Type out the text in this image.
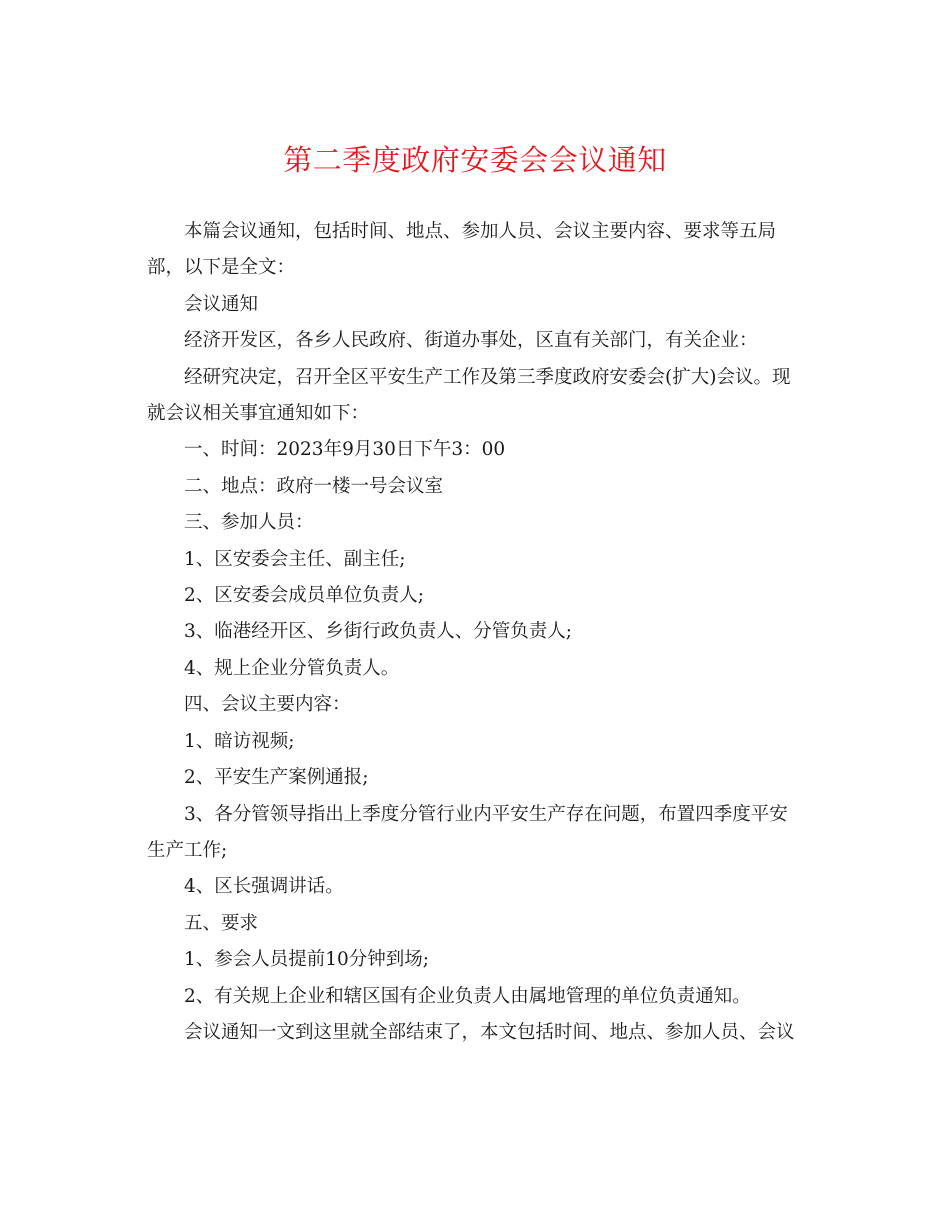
第二季度政府安委会会议通知

本篇会议通知，包括时间、地点、参加人员、会议主要内容、要求等五局部，以下是全文：

会议通知

经济开发区，各乡人民政府、街道办事处，区直有关部门，有关企业：

经研究决定，召开全区平安生产工作及第三季度政府安委会(扩大)会议。现就会议相关事宜通知如下：

一、时间：2023年9月30日下午3：00

二、地点：政府一楼一号会议室

三、参加人员：

1、区安委会主任、副主任;

2、区安委会成员单位负责人;

3、临港经开区、乡街行政负责人、分管负责人;

4、规上企业分管负责人。

四、会议主要内容：

1、暗访视频;

2、平安生产案例通报;

3、各分管领导指出上季度分管行业内平安生产存在问题，布置四季度平安生产工作;

4、区长强调讲话。

五、要求

1、参会人员提前10分钟到场;

2、有关规上企业和辖区国有企业负责人由属地管理的单位负责通知。

会议通知一文到这里就全部结束了，本文包括时间、地点、参加人员、会议
